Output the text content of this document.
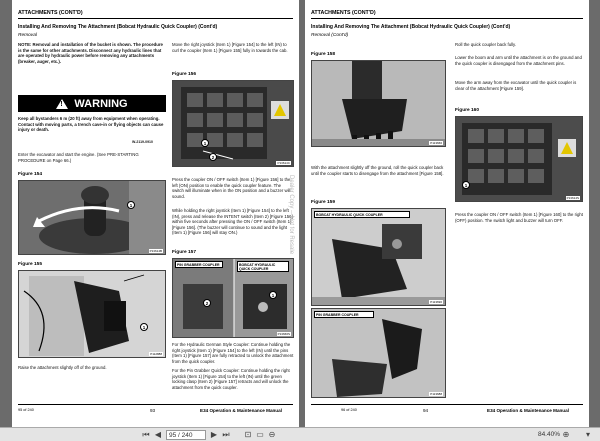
ATTACHMENTS (CONT'D)
Installing And Removing The Attachment (Bobcat Hydraulic Quick Coupler) (Cont'd)
Removal
NOTE: Removal and installation of the bucket is shown. The procedure is the same for other attachments. Disconnect any hydraulic lines that are operated by hydraulic power before removing any attachments (breaker, auger, etc.).
! WARNING
Keep all bystanders 6 m (20 ft) away from equipment when operating. Contact with moving parts, a trench cave-in or flying objects can cause injury or death.
W-2119-0910
Enter the excavator and start the engine. (See PRE-STARTING PROCEDURE on Page 66.)
Figure 154
1
P13614B
Figure 155
1
P112888
Raise the attachment slightly off of the ground.
Move the right joystick (Item 1) [Figure 154] to the left (IN) to curl the coupler (Item 1) [Figure 155] fully in towards the cab.
Figure 156
1
2
P13614C
Press the coupler ON / OFF switch (Item 1) [Figure 156] to the left (ON) position to enable the quick coupler feature. The switch will illuminate when in the ON position and a buzzer will sound.
While holding the right joystick (Item 1) [Figure 154] to the left (IN), press and release the INTENT switch (Item 2) [Figure 156] within five seconds after pressing the ON / OFF switch (Item 1) [Figure 156]. (The buzzer will continue to sound and the light (Item 1) [Figure 156] will stay ON.)
Figure 157
PIN GRABBER COUPLER	BOBCAT HYDRAULIC QUICK COUPLER
2
1
P13666S
For the Hydraulic German Style Coupler: Continue holding the right joystick (Item 1) [Figure 154] to the left (IN) until the pins (Item 1) [Figure 157] are fully retracted to unlock the attachment from the quick coupler.
For the Pin Grabber Quick Coupler: Continue holding the right joystick (Item 1) [Figure 154] to the left (IN) until the green locking clasp (Item 2) [Figure 157] retracts and will unlock the attachment from the quick coupler.
95 of 240	93	E34 Operation & Maintenance Manual
Dealer Copy -- Not for Resale
ATTACHMENTS (CONT'D)
Installing And Removing The Attachment (Bobcat Hydraulic Quick Coupler) (Cont'd)
Removal (Cont'd)
Figure 158
P113666
With the attachment slightly off the ground, roll the quick coupler back until the coupler starts to disengage from the attachment [Figure 158].
Figure 159
BOBCAT HYDRAULIC QUICK COUPLER
P113690
PIN GRABBER COUPLER
P113688
Roll the quick coupler back fully.
Lower the boom and arm until the attachment is on the ground and the quick coupler is disengaged from the attachment pins.
Move the arm away from the excavator until the quick coupler is clear of the attachment [Figure 159].
Figure 160
1
P13614S
Press the coupler ON / OFF switch (Item 1) [Figure 160] to the right (OFF) position. The switch light and buzzer will turn OFF.
96 of 240	94	E34 Operation & Maintenance Manual
⏮ ◀	95 / 240	▶ ⏭	⊡ ▭ ⊖	84.40% ⊕	▾
